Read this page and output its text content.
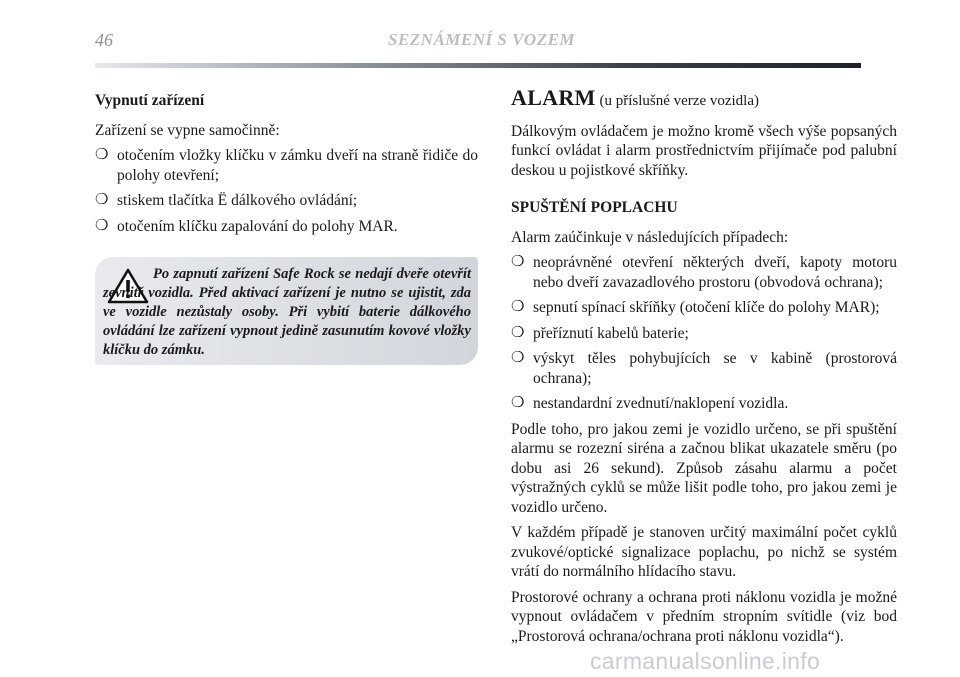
46	SEZNÁMENÍ S VOZEM
Vypnutí zařízení

Zařízení se vypne samočinně:

❍ otočením vložky klíčku v zámku dveří na straně řidiče do polohy otevření;
❍ stiskem tlačítka Ë dálkového ovládání;
❍ otočením klíčku zapalování do polohy MAR.
Po zapnutí zařízení Safe Rock se nedají dveře otevřít zevnitř vozidla. Před aktivací zařízení je nutno se ujistit, zda ve vozidle nezůstaly osoby. Při vybití baterie dálkového ovládání lze zařízení vypnout jedině zasunutím kovové vložky klíčku do zámku.
ALARM (u příslušné verze vozidla)

Dálkovým ovládačem je možno kromě všech výše popsaných funkcí ovládat i alarm prostřednictvím přijímače pod palubní deskou u pojistkové skříňky.

SPUŠTĚNÍ POPLACHU

Alarm zaúčinkuje v následujících případech:

❍ neoprávněné otevření některých dveří, kapoty motoru nebo dveří zavazadlového prostoru (obvodová ochrana);
❍ sepnutí spínací skříňky (otočení klíče do polohy MAR);
❍ přeříznutí kabelů baterie;
❍ výskyt těles pohybujících se v kabině (prostorová ochrana);
❍ nestandardní zvednutí/naklopení vozidla.

Podle toho, pro jakou zemi je vozidlo určeno, se při spuštění alarmu se rozezní siréna a začnou blikat ukazatele směru (po dobu asi 26 sekund). Způsob zásahu alarmu a počet výstražných cyklů se může lišit podle toho, pro jakou zemi je vozidlo určeno.

V každém případě je stanoven určitý maximální počet cyklů zvukové/optické signalizace poplachu, po nichž se systém vrátí do normálního hlídacího stavu.

Prostorové ochrany a ochrana proti náklonu vozidla je možné vypnout ovládačem v předním stropním svítidle (viz bod „Prostorová ochrana/ochrana proti náklonu vozidla“).

carmanualsonline.info
